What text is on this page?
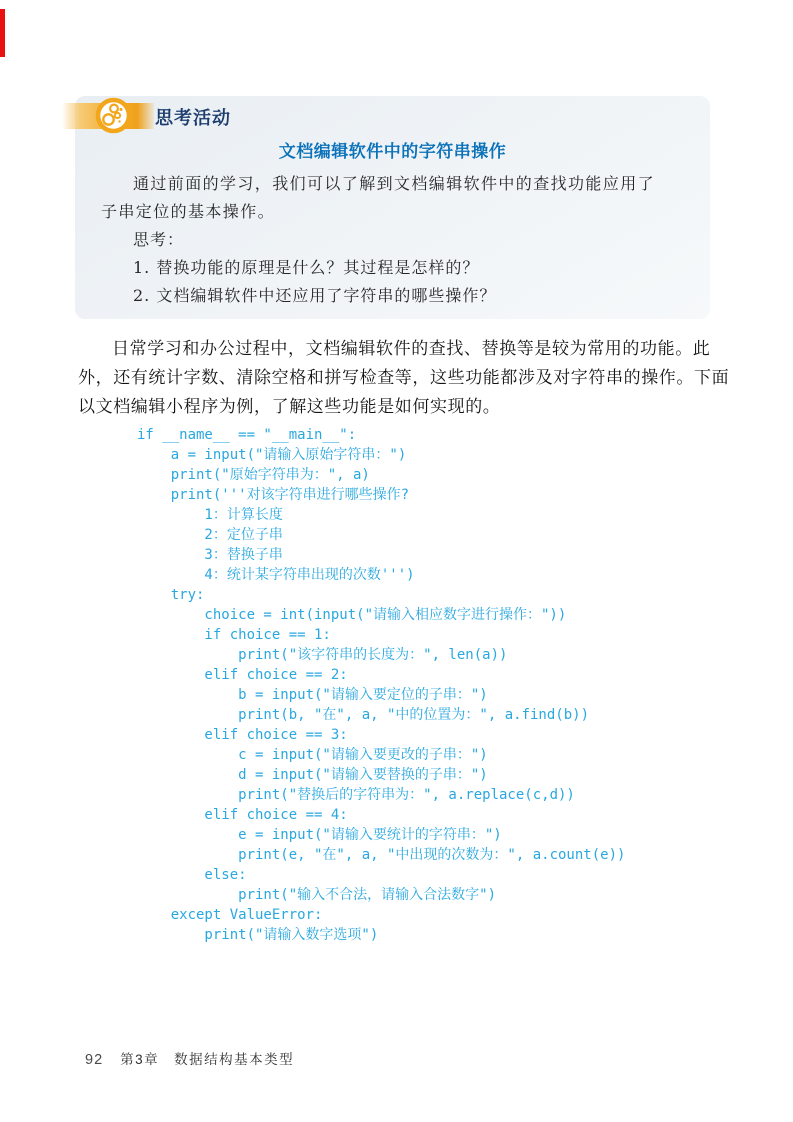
思考活动
文档编辑软件中的字符串操作

通过前面的学习，我们可以了解到文档编辑软件中的查找功能应用了子串定位的基本操作。

思考：

1. 替换功能的原理是什么？其过程是怎样的？

2. 文档编辑软件中还应用了字符串的哪些操作？

日常学习和办公过程中，文档编辑软件的查找、替换等是较为常用的功能。此外，还有统计字数、清除空格和拼写检查等，这些功能都涉及对字符串的操作。下面以文档编辑小程序为例，了解这些功能是如何实现的。

if __name__ == "__main__":
a = input("请输入原始字符串：")
print("原始字符串为：", a)
print('''对该字符串进行哪些操作?
1：计算长度
2：定位子串
3：替换子串
4：统计某字符串出现的次数''')
try:
choice = int(input("请输入相应数字进行操作："))
if choice == 1:
print("该字符串的长度为：", len(a))
elif choice == 2:
b = input("请输入要定位的子串：")
print(b, "在", a, "中的位置为：", a.find(b))
elif choice == 3:
c = input("请输入要更改的子串：")
d = input("请输入要替换的子串：")
print("替换后的字符串为：", a.replace(c,d))
elif choice == 4:
e = input("请输入要统计的字符串：")
print(e, "在", a, "中出现的次数为：", a.count(e))
else:
print("输入不合法，请输入合法数字")
except ValueError:
print("请输入数字选项")
92 第3章　数据结构基本类型
